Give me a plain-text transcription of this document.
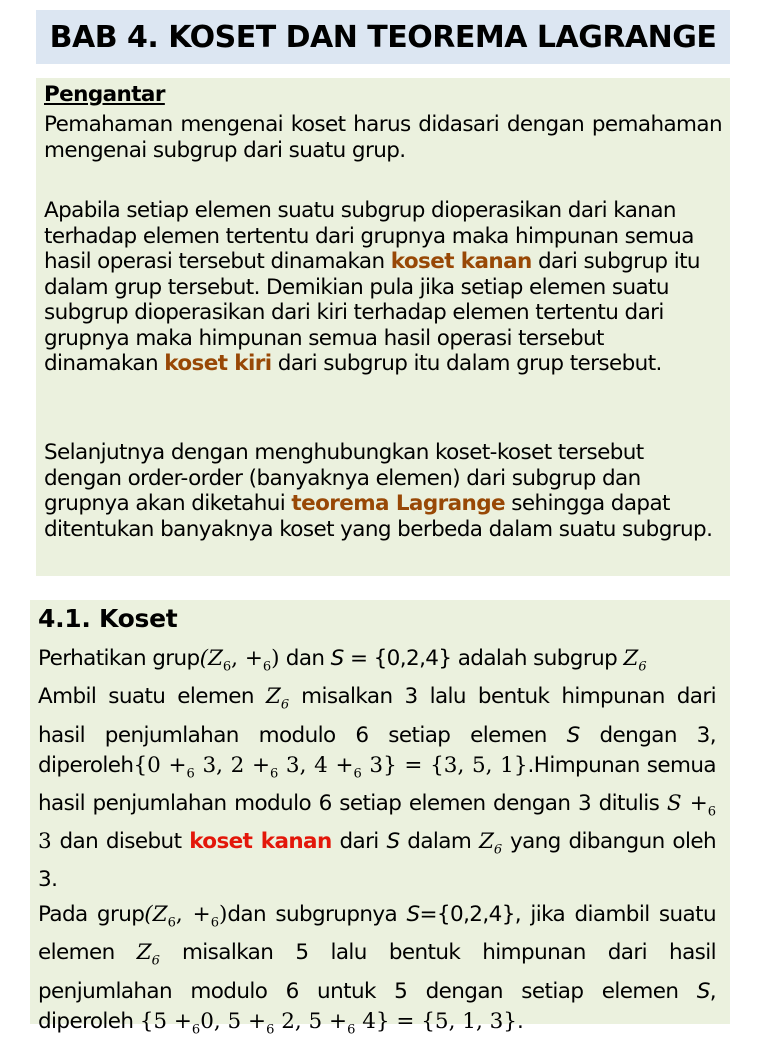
BAB 4. KOSET DAN TEOREMA LAGRANGE
Pengantar
Pemahaman mengenai koset harus didasari dengan pemahaman mengenai subgrup dari suatu grup.
Apabila setiap elemen suatu subgrup dioperasikan dari kanan terhadap elemen tertentu dari grupnya maka himpunan semua hasil operasi tersebut dinamakan koset kanan dari subgrup itu dalam grup tersebut. Demikian pula jika setiap elemen suatu subgrup dioperasikan dari kiri terhadap elemen tertentu dari grupnya maka himpunan semua hasil operasi tersebut dinamakan koset kiri dari subgrup itu dalam grup tersebut.
Selanjutnya dengan menghubungkan koset-koset tersebut dengan order-order (banyaknya elemen) dari subgrup dan grupnya akan diketahui teorema Lagrange sehingga dapat ditentukan banyaknya koset yang berbeda dalam suatu subgrup.
4.1. Koset
Perhatikan $grup(Z_6$, $+_6$) dan S = {0,2,4} adalah subgrup $Z_6$
Ambil suatu elemen $Z_6$ misalkan 3 lalu bentuk himpunan dari hasil penjumlahan modulo 6 setiap elemen S dengan 3, diperoleh{0 $+_6$ 3, $2 +_6$ 3, $4 +_6$ 3} = {3, 5, 1}.Himpunan semua hasil penjumlahan modulo 6 setiap elemen dengan 3 ditulis $S +_6$ 3 dan disebut koset kanan dari S dalam $Z_6$ yang dibangun oleh 3.
Pada $grup(Z_6$, $+_6)dan$ subgrupnya S={0,2,4}, jika diambil suatu elemen $Z_6$ misalkan 5 lalu bentuk himpunan dari hasil penjumlahan modulo 6 untuk 5 dengan setiap elemen S, diperoleh {$5 +_60$, $5 +_6$ 2, $5 +_6$ 4} = {5, 1, 3}.
